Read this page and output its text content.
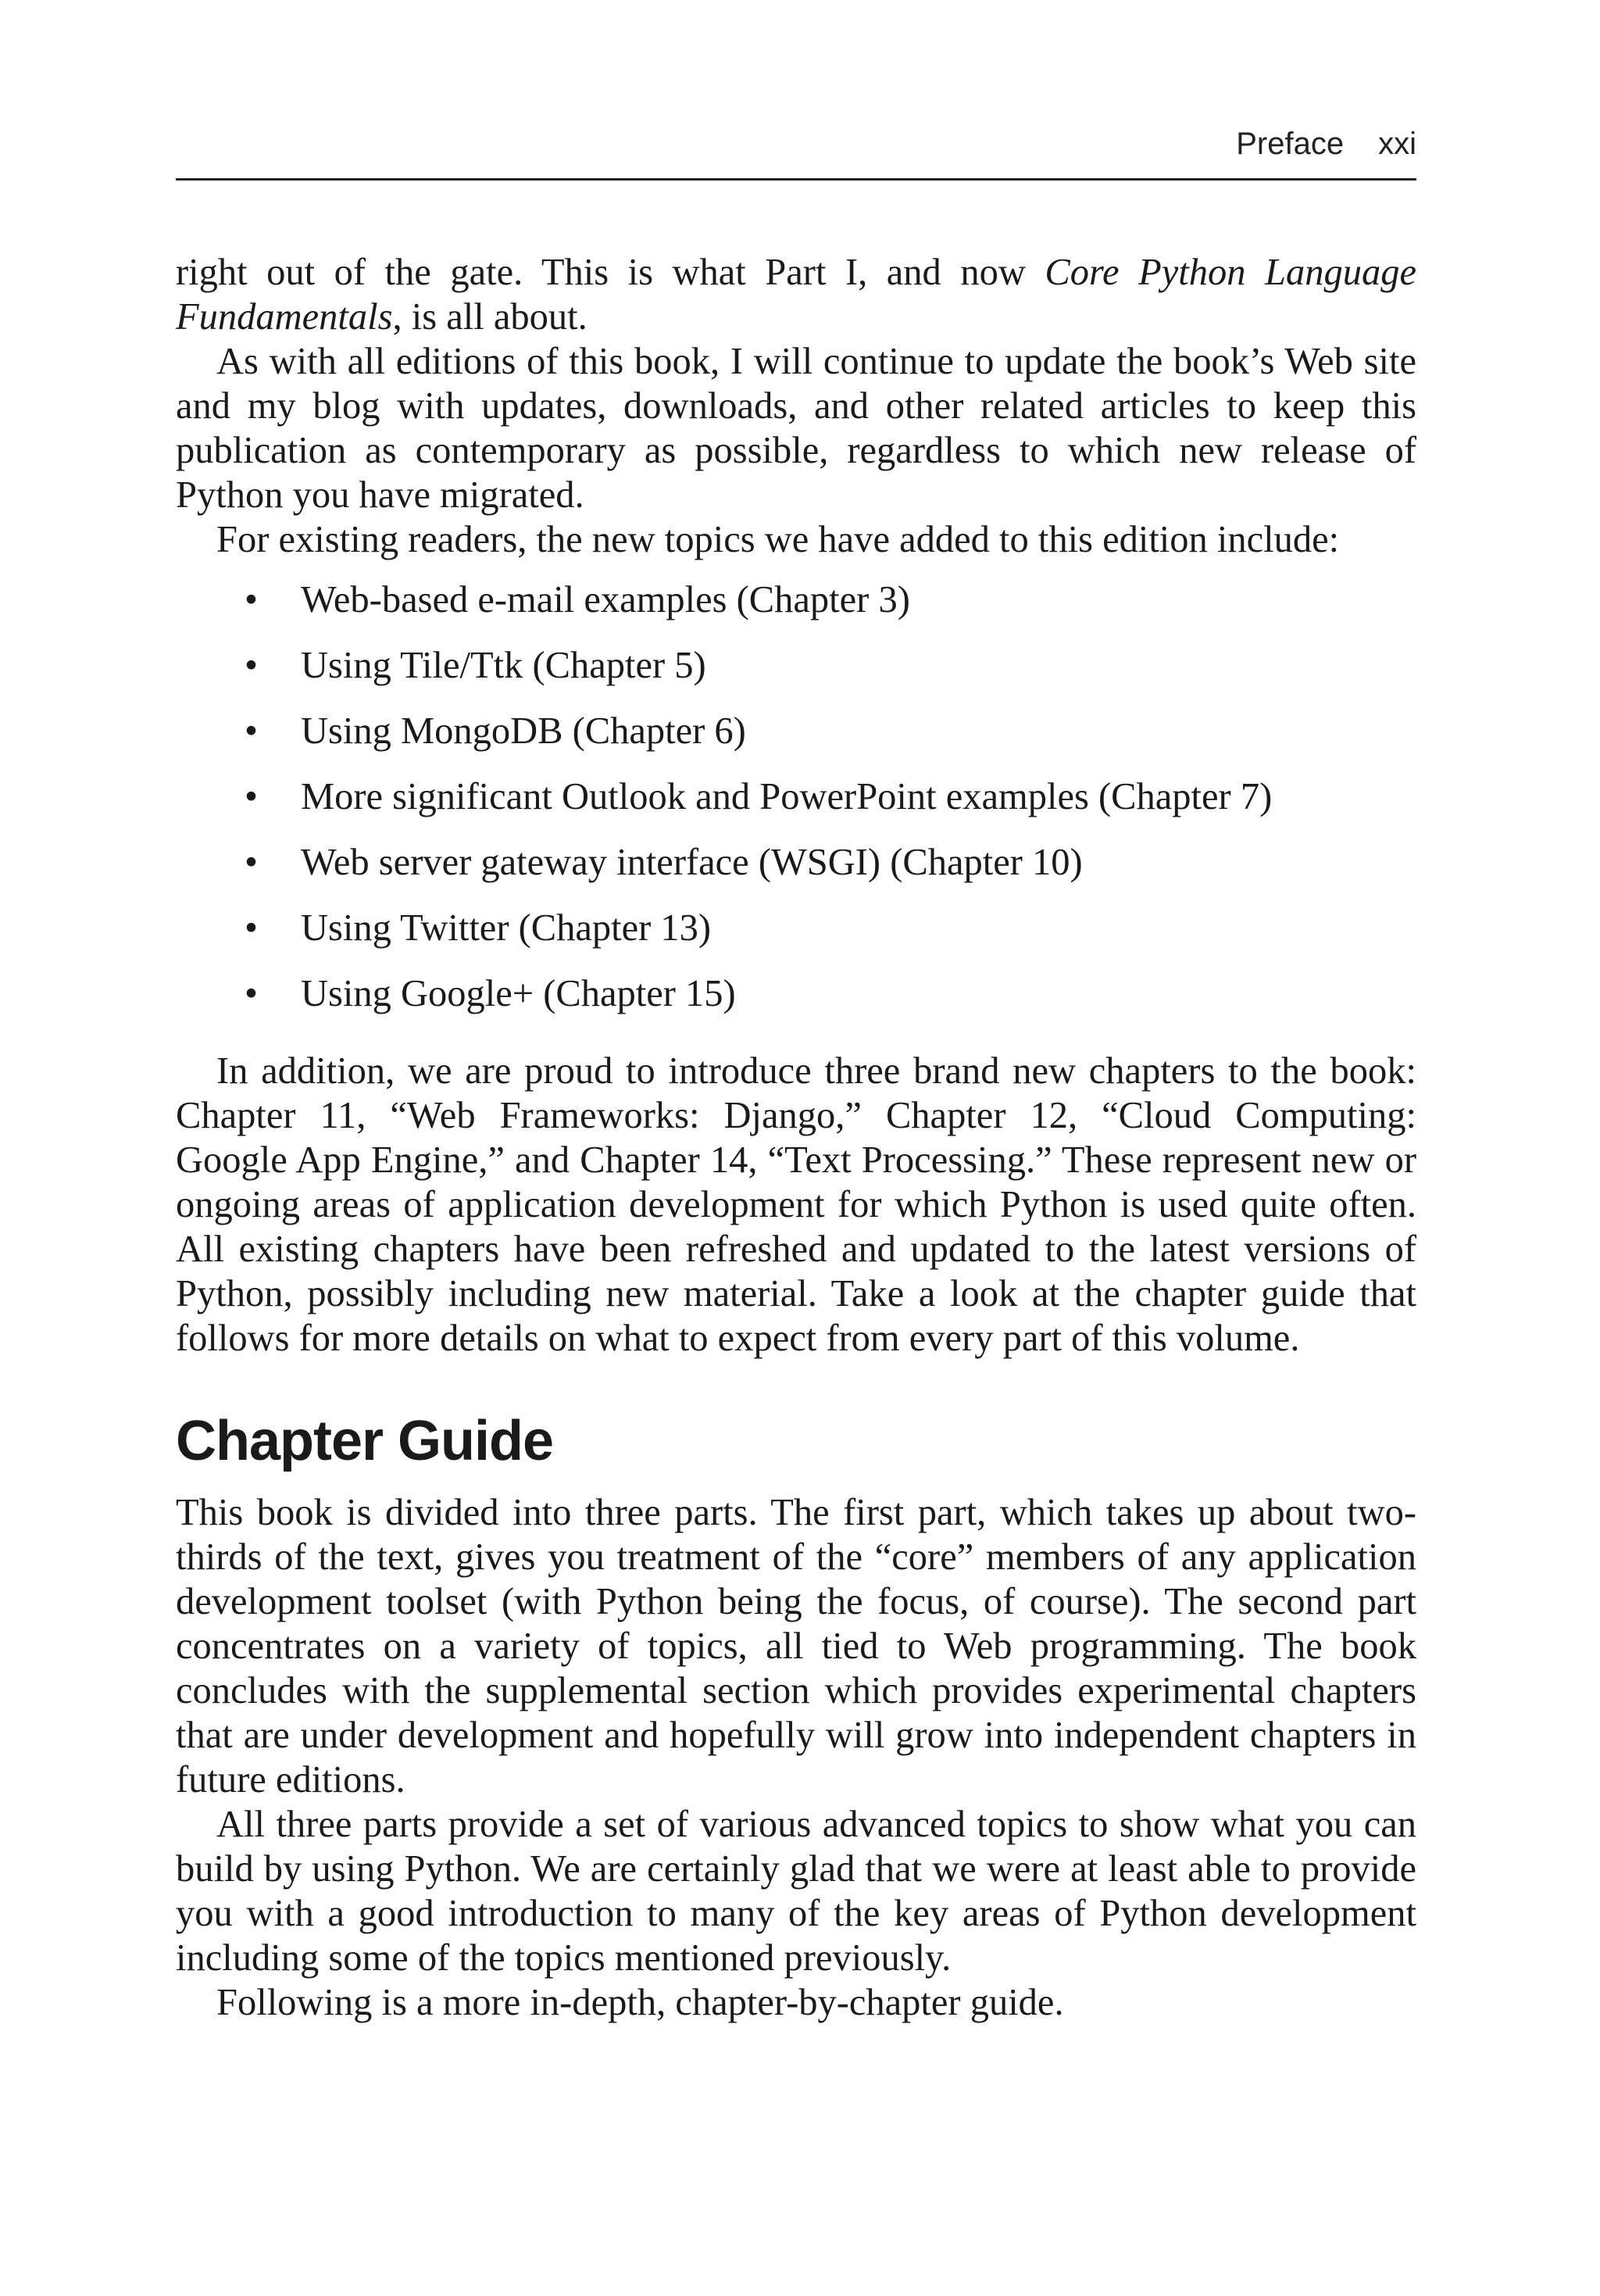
Preface xxi

right out of the gate. This is what Part I, and now Core Python Language Fundamentals, is all about.

As with all editions of this book, I will continue to update the book’s Web site and my blog with updates, downloads, and other related articles to keep this publication as contemporary as possible, regardless to which new release of Python you have migrated.

For existing readers, the new topics we have added to this edition include:

• Web-based e-mail examples (Chapter 3)
• Using Tile/Ttk (Chapter 5)
• Using MongoDB (Chapter 6)
• More significant Outlook and PowerPoint examples (Chapter 7)
• Web server gateway interface (WSGI) (Chapter 10)
• Using Twitter (Chapter 13)
• Using Google+ (Chapter 15)

In addition, we are proud to introduce three brand new chapters to the book: Chapter 11, “Web Frameworks: Django,” Chapter 12, “Cloud Computing: Google App Engine,” and Chapter 14, “Text Processing.” These represent new or ongoing areas of application development for which Python is used quite often. All existing chapters have been refreshed and updated to the latest versions of Python, possibly including new material. Take a look at the chapter guide that follows for more details on what to expect from every part of this volume.

Chapter Guide

This book is divided into three parts. The first part, which takes up about two-thirds of the text, gives you treatment of the “core” members of any application development toolset (with Python being the focus, of course). The second part concentrates on a variety of topics, all tied to Web programming. The book concludes with the supplemental section which provides experimental chapters that are under development and hopefully will grow into independent chapters in future editions.

All three parts provide a set of various advanced topics to show what you can build by using Python. We are certainly glad that we were at least able to provide you with a good introduction to many of the key areas of Python development including some of the topics mentioned previously.

Following is a more in-depth, chapter-by-chapter guide.
